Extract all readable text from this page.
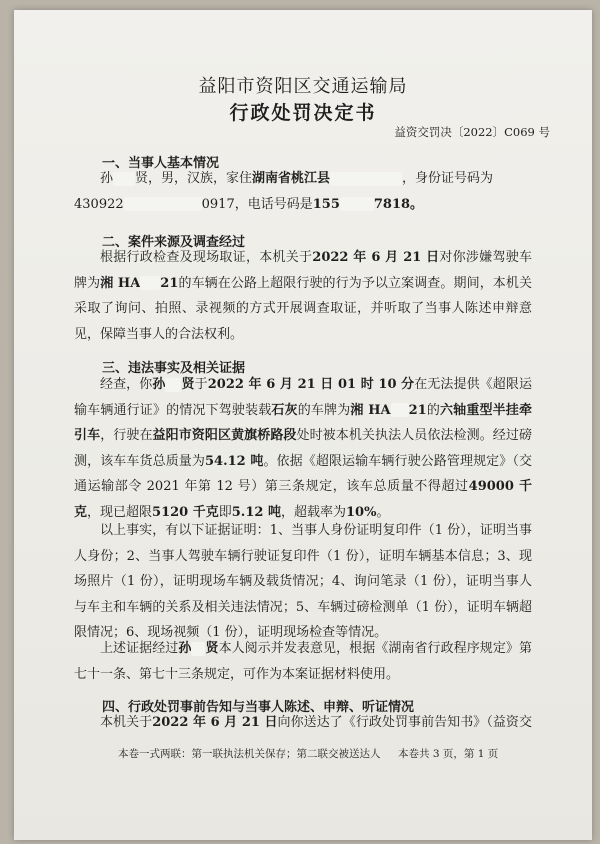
益阳市资阳区交通运输局
行政处罚决定书
益资交罚决〔2022〕C069 号
一、当事人基本情况
孙 贤，男，汉族，家住湖南省桃江县	，身份证号码为
430922	0917，电话号码是155	7818。
二、案件来源及调查经过
根据行政检查及现场取证，本机关于2022 年 6 月 21 日对你涉嫌驾驶车牌为湘 HA 21的车辆在公路上超限行驶的行为予以立案调查。期间，本机关采取了询问、拍照、录视频的方式开展调查取证，并听取了当事人陈述申辩意见，保障当事人的合法权利。
三、违法事实及相关证据
经查，你孙 贤于2022 年 6 月 21 日 01 时 10 分在无法提供《超限运输车辆通行证》的情况下驾驶装载石灰的车牌为湘 HA 21的六轴重型半挂牵引车，行驶在益阳市资阳区黄旗桥路段处时被本机关执法人员依法检测。经过磅测，该车车货总质量为54.12 吨。依据《超限运输车辆行驶公路管理规定》（交通运输部令 2021 年第 12 号）第三条规定，该车总质量不得超过49000 千克，现已超限5120 千克即5.12 吨，超载率为10%。
以上事实，有以下证据证明：1、当事人身份证明复印件（1 份），证明当事人身份；2、当事人驾驶车辆行驶证复印件（1 份），证明车辆基本信息；3、现场照片（1 份），证明现场车辆及载货情况；4、询问笔录（1 份），证明当事人与车主和车辆的关系及相关违法情况；5、车辆过磅检测单（1 份），证明车辆超限情况；6、现场视频（1 份），证明现场检查等情况。
上述证据经过孙 贤本人阅示并发表意见，根据《湖南省行政程序规定》第七十一条、第七十三条规定，可作为本案证据材料使用。
四、行政处罚事前告知与当事人陈述、申辩、听证情况
本机关于2022 年 6 月 21 日向你送达了《行政处罚事前告知书》（益资交
本卷一式两联：第一联执法机关保存；第二联交被送达人 本卷共 3 页，第 1 页
